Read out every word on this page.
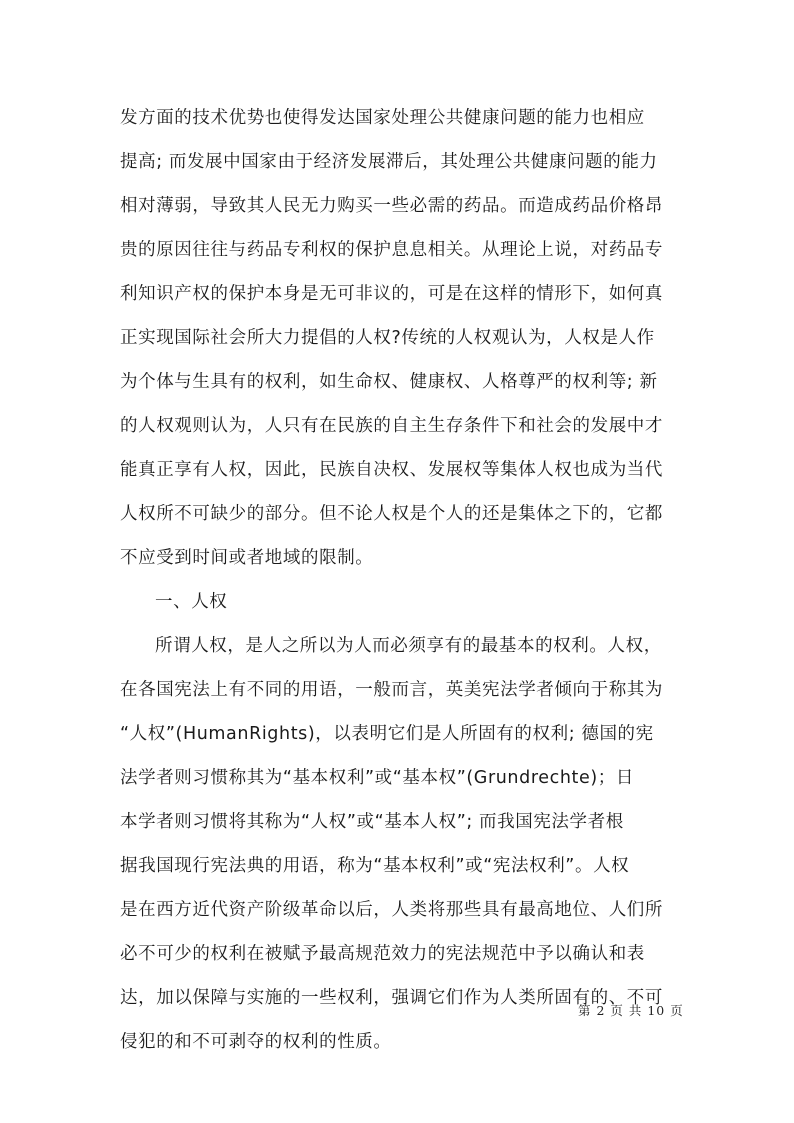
发方面的技术优势也使得发达国家处理公共健康问题的能力也相应
提高; 而发展中国家由于经济发展滞后，其处理公共健康问题的能力
相对薄弱，导致其人民无力购买一些必需的药品。而造成药品价格昂
贵的原因往往与药品专利权的保护息息相关。从理论上说，对药品专
利知识产权的保护本身是无可非议的，可是在这样的情形下，如何真
正实现国际社会所大力提倡的人权?传统的人权观认为，人权是人作
为个体与生具有的权利，如生命权、健康权、人格尊严的权利等; 新
的人权观则认为，人只有在民族的自主生存条件下和社会的发展中才
能真正享有人权，因此，民族自决权、发展权等集体人权也成为当代
人权所不可缺少的部分。但不论人权是个人的还是集体之下的，它都
不应受到时间或者地域的限制。
一、人权
所谓人权，是人之所以为人而必须享有的最基本的权利。人权，
在各国宪法上有不同的用语，一般而言，英美宪法学者倾向于称其为
“人权”(HumanRights)，以表明它们是人所固有的权利; 德国的宪
法学者则习惯称其为“基本权利”或“基本权”(Grundrechte)；日
本学者则习惯将其称为“人权”或“基本人权”; 而我国宪法学者根
据我国现行宪法典的用语，称为“基本权利”或“宪法权利”。人权
是在西方近代资产阶级革命以后，人类将那些具有最高地位、人们所
必不可少的权利在被赋予最高规范效力的宪法规范中予以确认和表
达，加以保障与实施的一些权利，强调它们作为人类所固有的、不可
侵犯的和不可剥夺的权利的性质。
第 2 页 共 10 页
